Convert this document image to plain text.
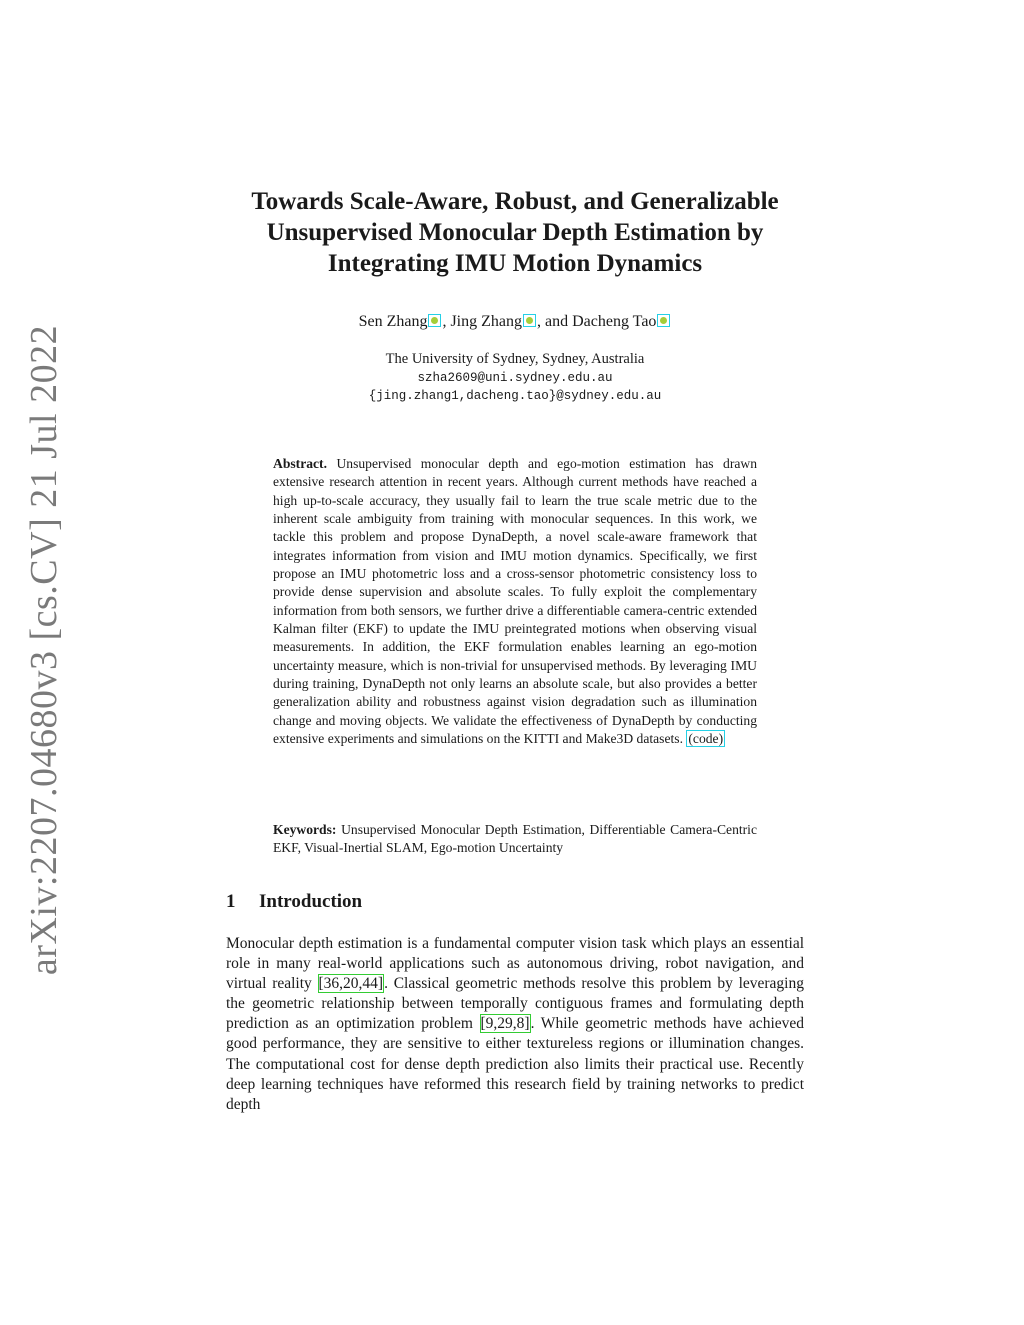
arXiv:2207.04680v3 [cs.CV] 21 Jul 2022
Towards Scale-Aware, Robust, and Generalizable
Unsupervised Monocular Depth Estimation by
Integrating IMU Motion Dynamics
Sen Zhang , Jing Zhang , and Dacheng Tao
The University of Sydney, Sydney, Australia
szha2609@uni.sydney.edu.au
{jing.zhang1,dacheng.tao}@sydney.edu.au
Abstract. Unsupervised monocular depth and ego-motion estimation has drawn extensive research attention in recent years. Although current methods have reached a high up-to-scale accuracy, they usually fail to learn the true scale metric due to the inherent scale ambiguity from training with monocular sequences. In this work, we tackle this problem and propose DynaDepth, a novel scale-aware framework that integrates information from vision and IMU motion dynamics. Specifically, we first propose an IMU photometric loss and a cross-sensor photometric consistency loss to provide dense supervision and absolute scales. To fully exploit the complementary information from both sensors, we further drive a differentiable camera-centric extended Kalman filter (EKF) to update the IMU preintegrated motions when observing visual measurements. In addition, the EKF formulation enables learning an ego-motion uncertainty measure, which is non-trivial for unsupervised methods. By leveraging IMU during training, DynaDepth not only learns an absolute scale, but also provides a better generalization ability and robustness against vision degradation such as illumination change and moving objects. We validate the effectiveness of DynaDepth by conducting extensive experiments and simulations on the KITTI and Make3D datasets. (code)
Keywords: Unsupervised Monocular Depth Estimation, Differentiable Camera-Centric EKF, Visual-Inertial SLAM, Ego-motion Uncertainty
1 Introduction
Monocular depth estimation is a fundamental computer vision task which plays an essential role in many real-world applications such as autonomous driving, robot navigation, and virtual reality [36,20,44]. Classical geometric methods resolve this problem by leveraging the geometric relationship between temporally contiguous frames and formulating depth prediction as an optimization problem [9,29,8]. While geometric methods have achieved good performance, they are sensitive to either textureless regions or illumination changes. The computational cost for dense depth prediction also limits their practical use. Recently deep learning techniques have reformed this research field by training networks to predict depth
